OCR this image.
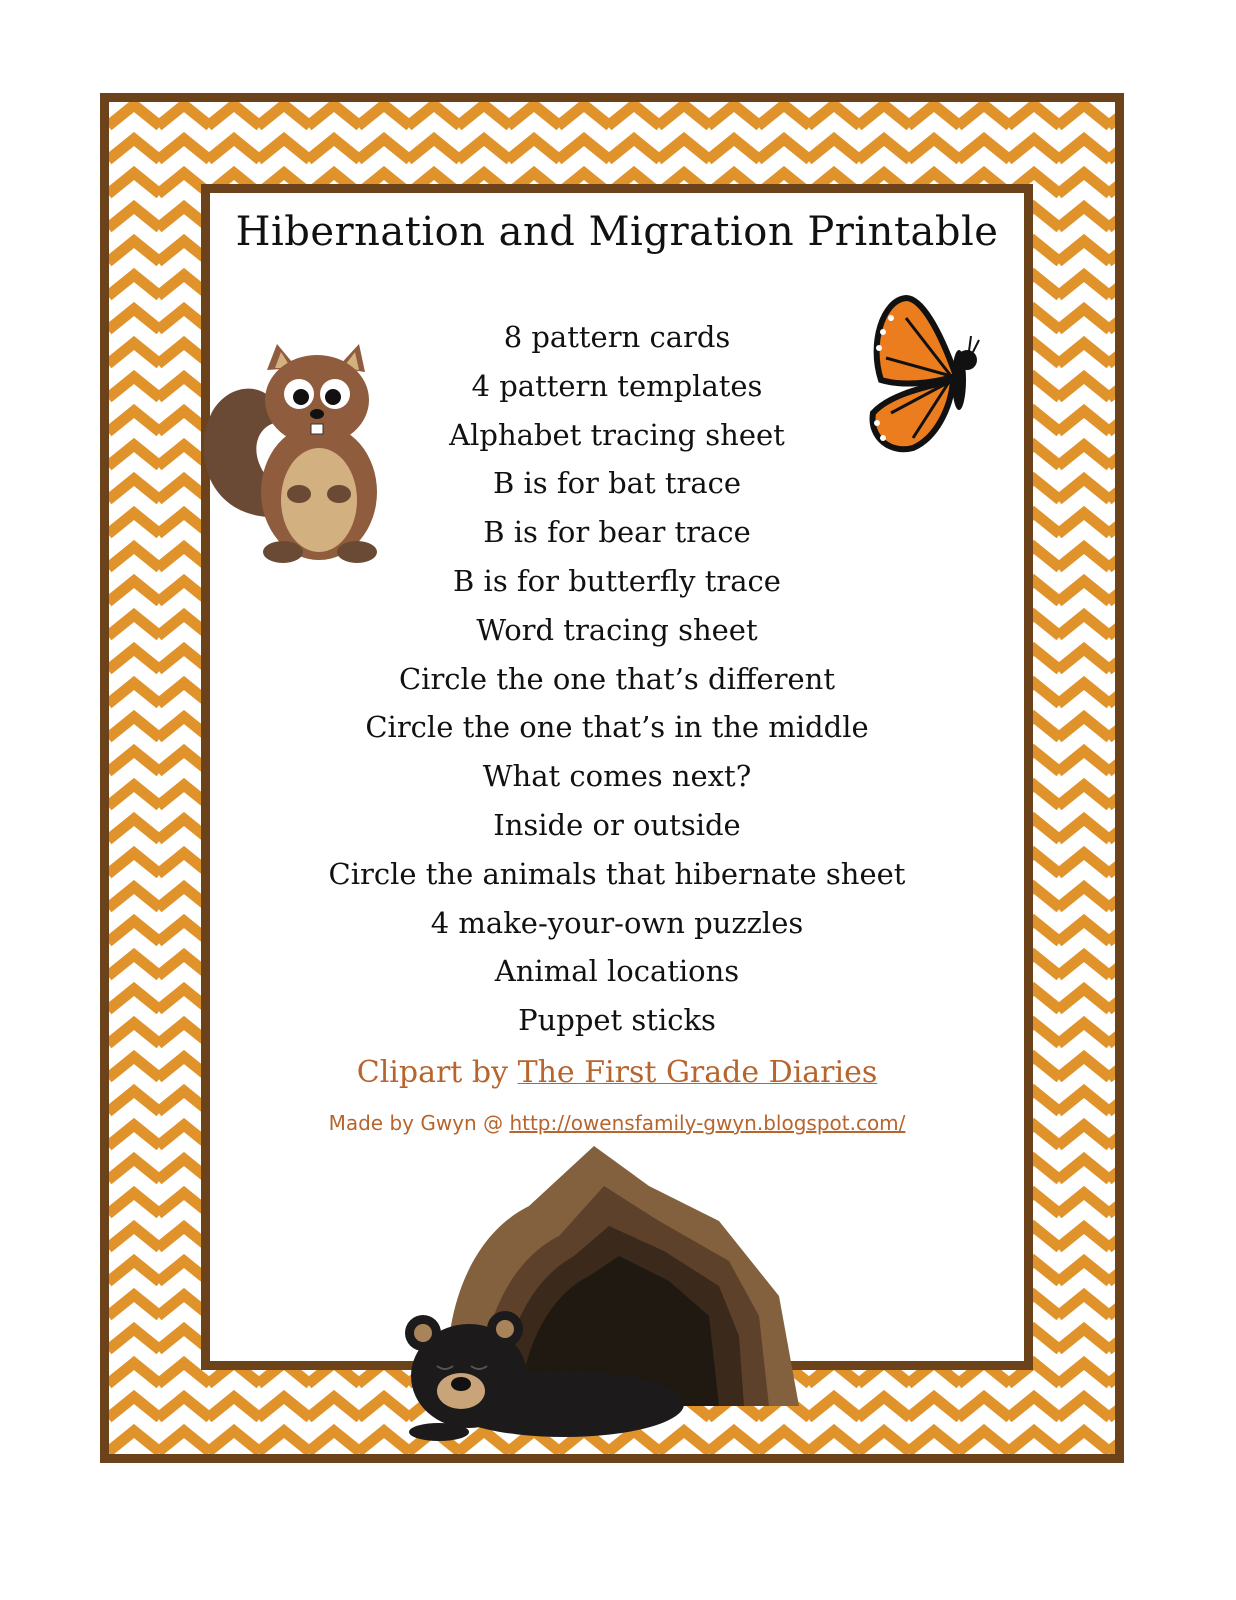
Hibernation and Migration Printable
8 pattern cards
4 pattern templates
Alphabet tracing sheet
B is for bat trace
B is for bear trace
B is for butterfly trace
Word tracing sheet
Circle the one that’s different
Circle the one that’s in the middle
What comes next?
Inside or outside
Circle the animals that hibernate sheet
4 make-your-own puzzles
Animal locations
Puppet sticks
Clipart by The First Grade Diaries
Made by Gwyn @ http://owensfamily-gwyn.blogspot.com/
